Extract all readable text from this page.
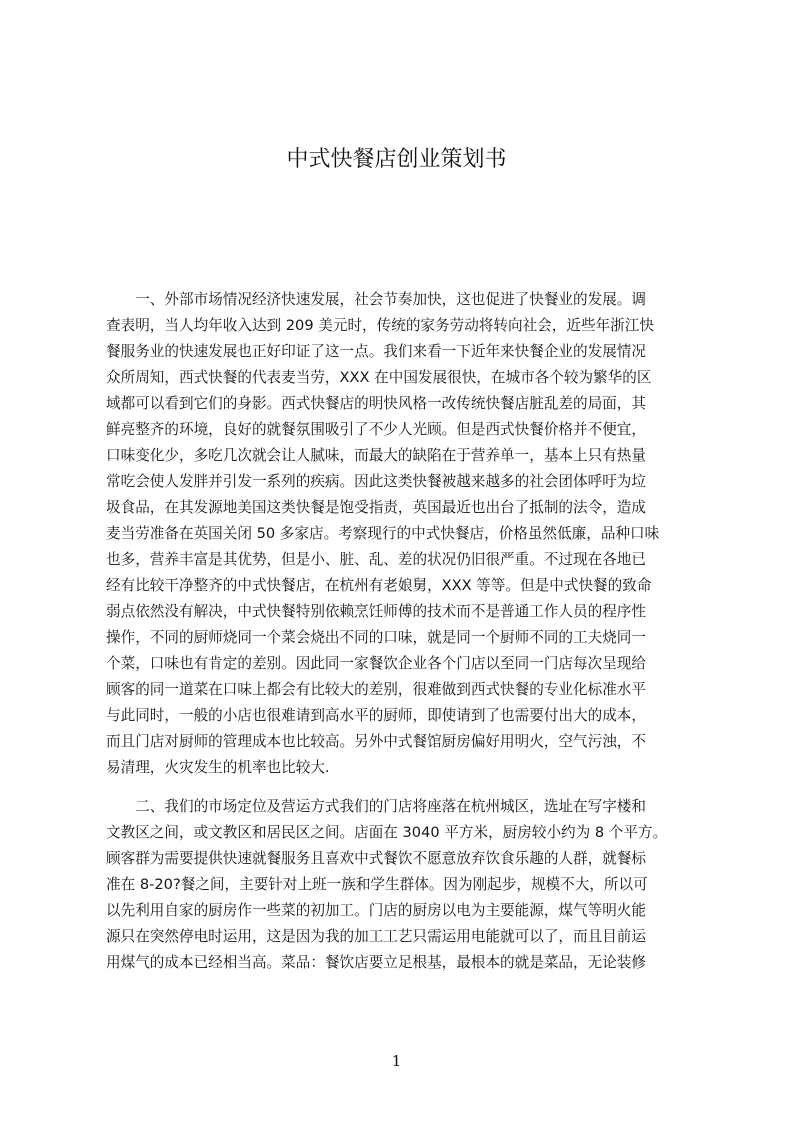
中式快餐店创业策划书
　　一、外部市场情况经济快速发展，社会节奏加快，这也促进了快餐业的发展。调
查表明，当人均年收入达到 209 美元时，传统的家务劳动将转向社会，近些年浙江快
餐服务业的快速发展也正好印证了这一点。我们来看一下近年来快餐企业的发展情况
众所周知，西式快餐的代表麦当劳，XXX 在中国发展很快，在城市各个较为繁华的区
域都可以看到它们的身影。西式快餐店的明快风格一改传统快餐店脏乱差的局面，其
鲜亮整齐的环境，良好的就餐氛围吸引了不少人光顾。但是西式快餐价格并不便宜，
口味变化少，多吃几次就会让人腻味，而最大的缺陷在于营养单一，基本上只有热量
常吃会使人发胖并引发一系列的疾病。因此这类快餐被越来越多的社会团体呼吁为垃
圾食品，在其发源地美国这类快餐是饱受指责，英国最近也出台了抵制的法令，造成
麦当劳准备在英国关闭 50 多家店。考察现行的中式快餐店，价格虽然低廉，品种口味
也多，营养丰富是其优势，但是小、脏、乱、差的状况仍旧很严重。不过现在各地已
经有比较干净整齐的中式快餐店，在杭州有老娘舅，XXX 等等。但是中式快餐的致命
弱点依然没有解决，中式快餐特别依赖烹饪师傅的技术而不是普通工作人员的程序性
操作，不同的厨师烧同一个菜会烧出不同的口味，就是同一个厨师不同的工夫烧同一
个菜，口味也有肯定的差别。因此同一家餐饮企业各个门店以至同一门店每次呈现给
顾客的同一道菜在口味上都会有比较大的差别，很难做到西式快餐的专业化标准水平
与此同时，一般的小店也很难请到高水平的厨师，即使请到了也需要付出大的成本，
而且门店对厨师的管理成本也比较高。另外中式餐馆厨房偏好用明火，空气污浊，不
易清理，火灾发生的机率也比较大.
　　二、我们的市场定位及营运方式我们的门店将座落在杭州城区，选址在写字楼和
文教区之间，或文教区和居民区之间。店面在 3040 平方米，厨房较小约为 8 个平方。
顾客群为需要提供快速就餐服务且喜欢中式餐饮不愿意放弃饮食乐趣的人群，就餐标
准在 8-20?餐之间，主要针对上班一族和学生群体。因为刚起步，规模不大，所以可
以先利用自家的厨房作一些菜的初加工。门店的厨房以电为主要能源，煤气等明火能
源只在突然停电时运用，这是因为我的加工工艺只需运用电能就可以了，而且目前运
用煤气的成本已经相当高。菜品：餐饮店要立足根基，最根本的就是菜品，无论装修
1
